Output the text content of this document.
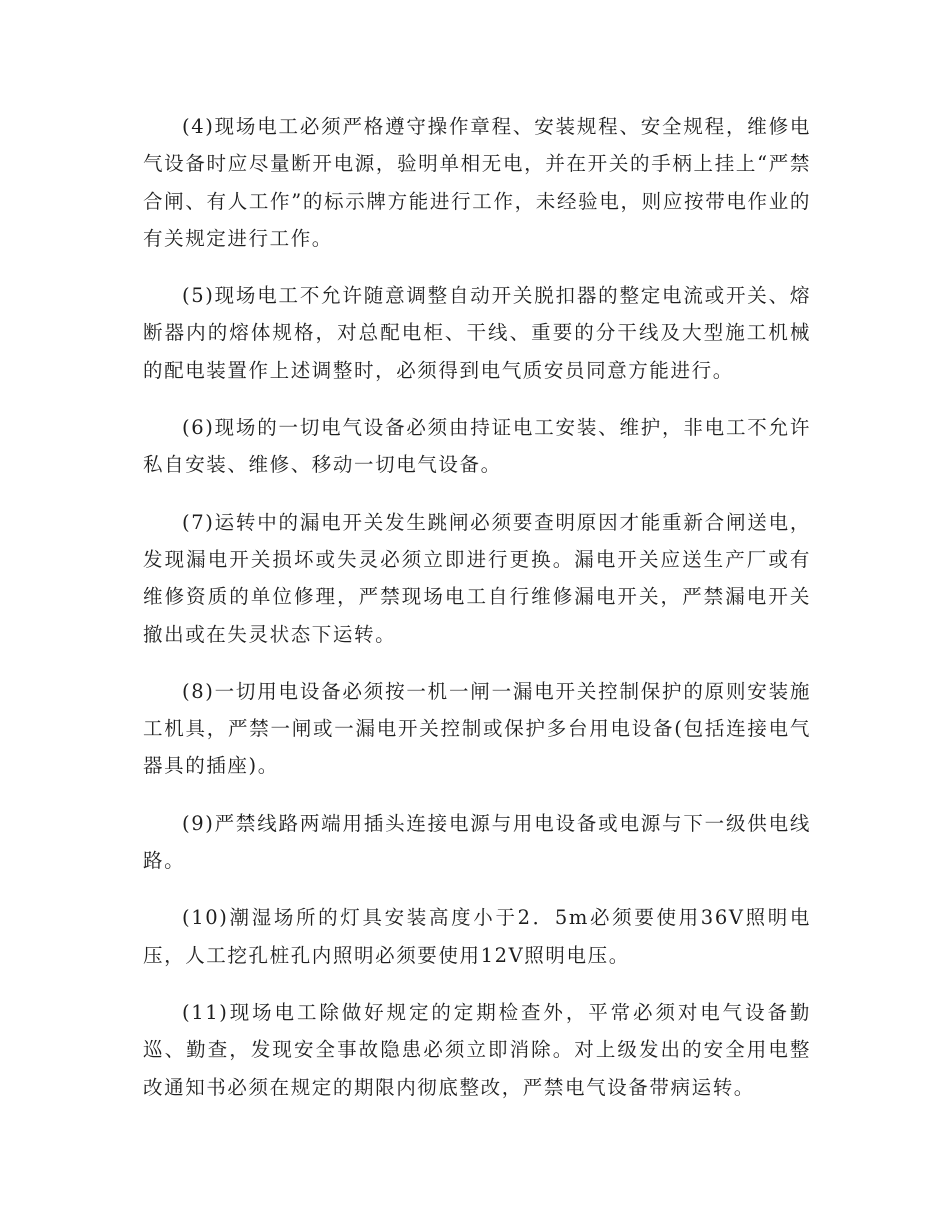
(4)现场电工必须严格遵守操作章程、安装规程、安全规程，维修电气设备时应尽量断开电源，验明单相无电，并在开关的手柄上挂上“严禁合闸、有人工作”的标示牌方能进行工作，未经验电，则应按带电作业的有关规定进行工作。

(5)现场电工不允许随意调整自动开关脱扣器的整定电流或开关、熔断器内的熔体规格，对总配电柜、干线、重要的分干线及大型施工机械的配电装置作上述调整时，必须得到电气质安员同意方能进行。

(6)现场的一切电气设备必须由持证电工安装、维护，非电工不允许私自安装、维修、移动一切电气设备。

(7)运转中的漏电开关发生跳闸必须要查明原因才能重新合闸送电，发现漏电开关损坏或失灵必须立即进行更换。漏电开关应送生产厂或有维修资质的单位修理，严禁现场电工自行维修漏电开关，严禁漏电开关撤出或在失灵状态下运转。

(8)一切用电设备必须按一机一闸一漏电开关控制保护的原则安装施工机具，严禁一闸或一漏电开关控制或保护多台用电设备(包括连接电气器具的插座)。

(9)严禁线路两端用插头连接电源与用电设备或电源与下一级供电线路。

(10)潮湿场所的灯具安装高度小于2．5m必须要使用36V照明电压，人工挖孔桩孔内照明必须要使用12V照明电压。

(11)现场电工除做好规定的定期检查外，平常必须对电气设备勤巡、勤查，发现安全事故隐患必须立即消除。对上级发出的安全用电整改通知书必须在规定的期限内彻底整改，严禁电气设备带病运转。
